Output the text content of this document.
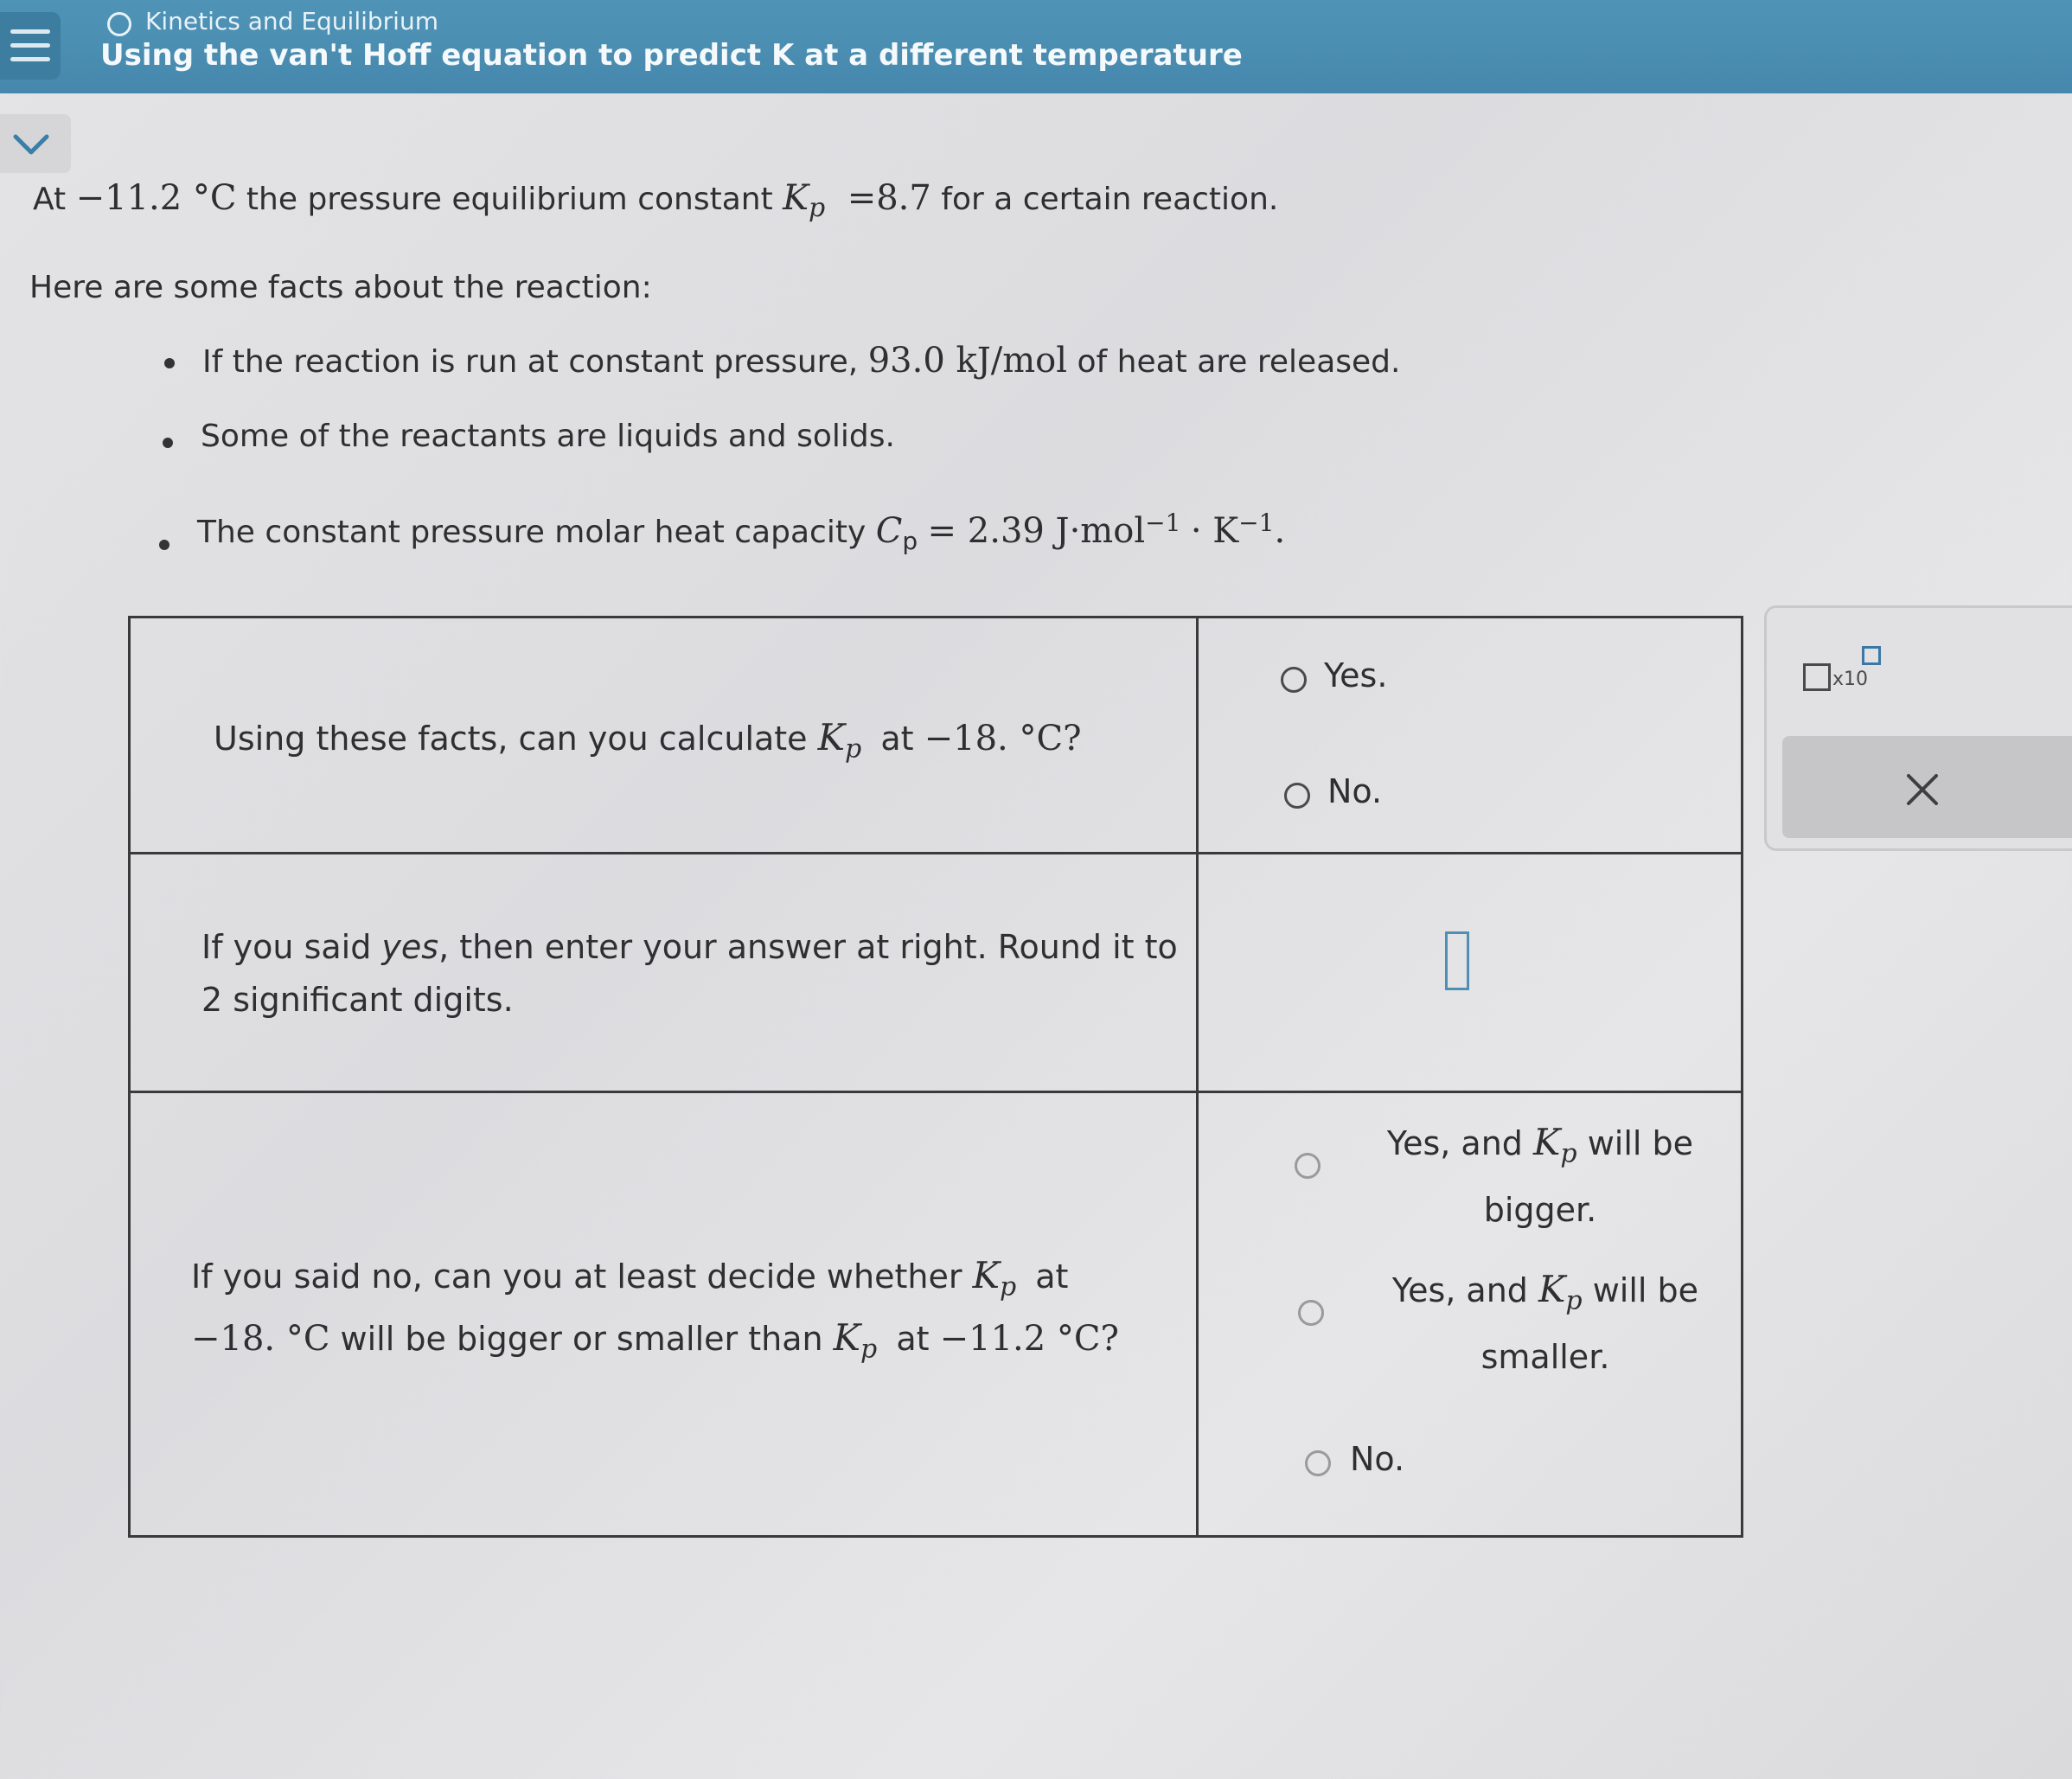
Kinetics and Equilibrium
Using the van't Hoff equation to predict K at a different temperature
At −11.2 °C the pressure equilibrium constant $K_p =8.7$ for a certain reaction.
Here are some facts about the reaction:
If the reaction is run at constant pressure, 93.0 kJ/mol of heat are released.
Some of the reactants are liquids and solids.
The constant pressure molar heat capacity $C_p = 2.39$ $J\cdot mol^{-1} \cdot K^{-1}$.
Using these facts, can you calculate $K_p$ at −18. °C?
Yes.
No.
If you said yes, then enter your answer at right. Round it to
2 significant digits.
If you said no, can you at least decide whether $K_p$ at
−18. °C will be bigger or smaller than $K_p$ at −11.2 °C?
Yes, and $K_p$ will be
bigger.
Yes, and $K_p$ will be
smaller.
No.
x10
